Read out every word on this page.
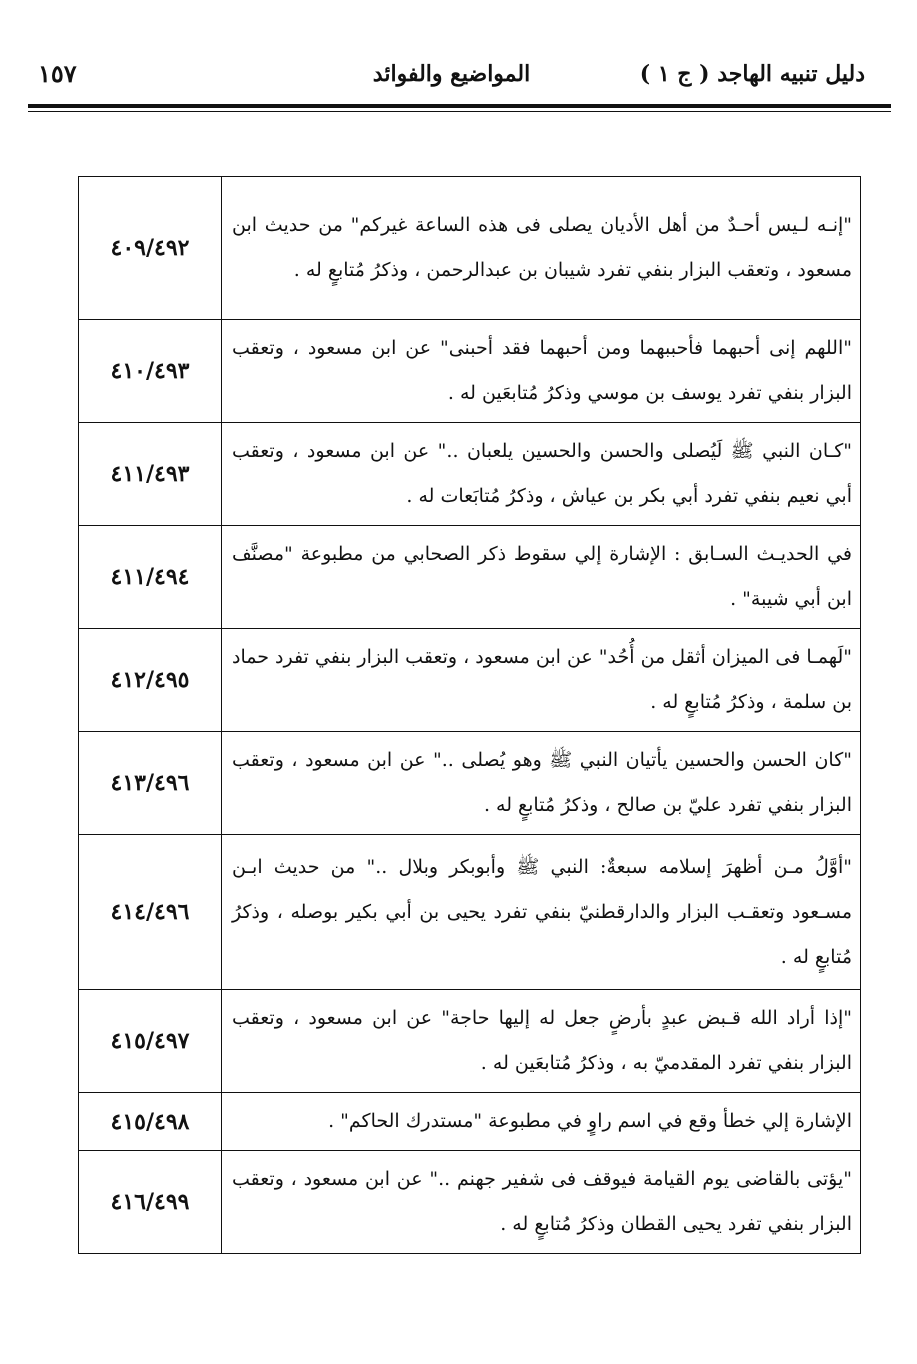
دليل تنبيه الهاجد ( ج ١ )
المواضيع والفوائد
١٥٧
"إنـه لـيس أحـدٌ من أهل الأديان يصلى فى هذه الساعة غيركم" من حديث ابن مسعود ، وتعقب البزار بنفي تفرد شيبان بن عبدالرحمن ، وذكرُ مُتابعٍ له .	٤٠٩/٤٩٢
"اللهم إنى أحبهما فأحببهما ومن أحبهما فقد أحبنى" عن ابن مسعود ، وتعقب البزار بنفي تفرد يوسف بن موسي وذكرُ مُتابعَين له .	٤١٠/٤٩٣
"كـان النبي ﷺ لَيُصلى والحسن والحسين يلعبان .." عن ابن مسعود ، وتعقب أبي نعيم بنفي تفرد أبي بكر بن عياش ، وذكرُ مُتابَعات له .	٤١١/٤٩٣
في الحديـث السـابق : الإشارة إلي سقوط ذكر الصحابي من مطبوعة "مصنَّف ابن أبي شيبة" .	٤١١/٤٩٤
"لَهمـا فى الميزان أثقل من أُحُد" عن ابن مسعود ، وتعقب البزار بنفي تفرد حماد بن سلمة ، وذكرُ مُتابعٍ له .	٤١٢/٤٩٥
"كان الحسن والحسين يأتيان النبي ﷺ وهو يُصلى .." عن ابن مسعود ، وتعقب البزار بنفي تفرد عليّ بن صالح ، وذكرُ مُتابعٍ له .	٤١٣/٤٩٦
"أوَّلُ مـن أظهرَ إسلامه سبعةٌ: النبي ﷺ وأبوبكر وبلال .." من حديث ابـن مسـعود وتعقـب البزار والدارقطنيّ بنفي تفرد يحيى بن أبي بكير بوصله ، وذكرُ مُتابعٍ له .	٤١٤/٤٩٦
"إذا أراد الله قـبض عبدٍ بأرضٍ جعل له إليها حاجة" عن ابن مسعود ، وتعقب البزار بنفي تفرد المقدميّ به ، وذكرُ مُتابعَين له .	٤١٥/٤٩٧
الإشارة إلي خطأ وقع في اسم راوٍ في مطبوعة "مستدرك الحاكم" .	٤١٥/٤٩٨
"يؤتى بالقاضى يوم القيامة فيوقف فى شفير جهنم .." عن ابن مسعود ، وتعقب البزار بنفي تفرد يحيى القطان وذكرُ مُتابعٍ له .	٤١٦/٤٩٩
